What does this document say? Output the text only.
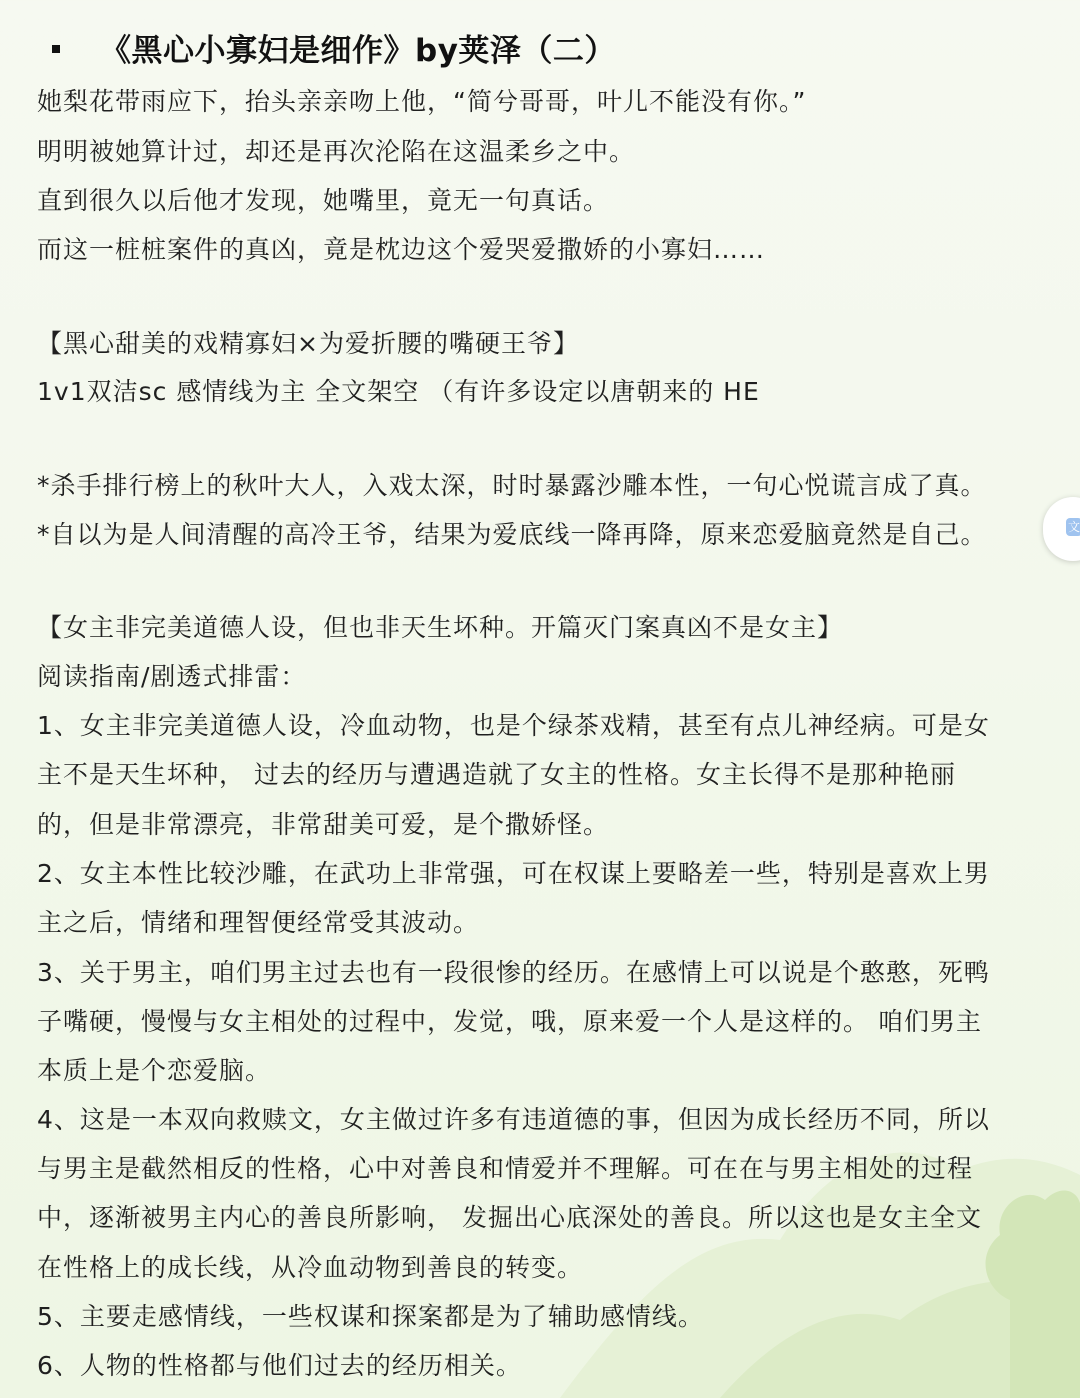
《黑心小寡妇是细作》by荚泽（二）
她梨花带雨应下，抬头亲亲吻上他，“简兮哥哥，叶儿不能没有你。”
明明被她算计过，却还是再次沦陷在这温柔乡之中。
直到很久以后他才发现，她嘴里，竟无一句真话。
而这一桩桩案件的真凶，竟是枕边这个爱哭爱撒娇的小寡妇……
【黑心甜美的戏精寡妇×为爱折腰的嘴硬王爷】
1v1双洁sc 感情线为主 全文架空 （有许多设定以唐朝来的 HE
*杀手排行榜上的秋叶大人，入戏太深，时时暴露沙雕本性，一句心悦谎言成了真。
*自以为是人间清醒的高冷王爷，结果为爱底线一降再降，原来恋爱脑竟然是自己。
【女主非完美道德人设，但也非天生坏种。开篇灭门案真凶不是女主】
阅读指南/剧透式排雷：
1、女主非完美道德人设，冷血动物，也是个绿茶戏精，甚至有点儿神经病。可是女
主不是天生坏种， 过去的经历与遭遇造就了女主的性格。女主长得不是那种艳丽
的，但是非常漂亮，非常甜美可爱，是个撒娇怪。
2、女主本性比较沙雕，在武功上非常强，可在权谋上要略差一些，特别是喜欢上男
主之后，情绪和理智便经常受其波动。
3、关于男主，咱们男主过去也有一段很惨的经历。在感情上可以说是个憨憨，死鸭
子嘴硬，慢慢与女主相处的过程中，发觉，哦，原来爱一个人是这样的。 咱们男主
本质上是个恋爱脑。
4、这是一本双向救赎文，女主做过许多有违道德的事，但因为成长经历不同，所以
与男主是截然相反的性格，心中对善良和情爱并不理解。可在在与男主相处的过程
中，逐渐被男主内心的善良所影响， 发掘出心底深处的善良。所以这也是女主全文
在性格上的成长线，从冷血动物到善良的转变。
5、主要走感情线，一些权谋和探案都是为了辅助感情线。
6、人物的性格都与他们过去的经历相关。
文
